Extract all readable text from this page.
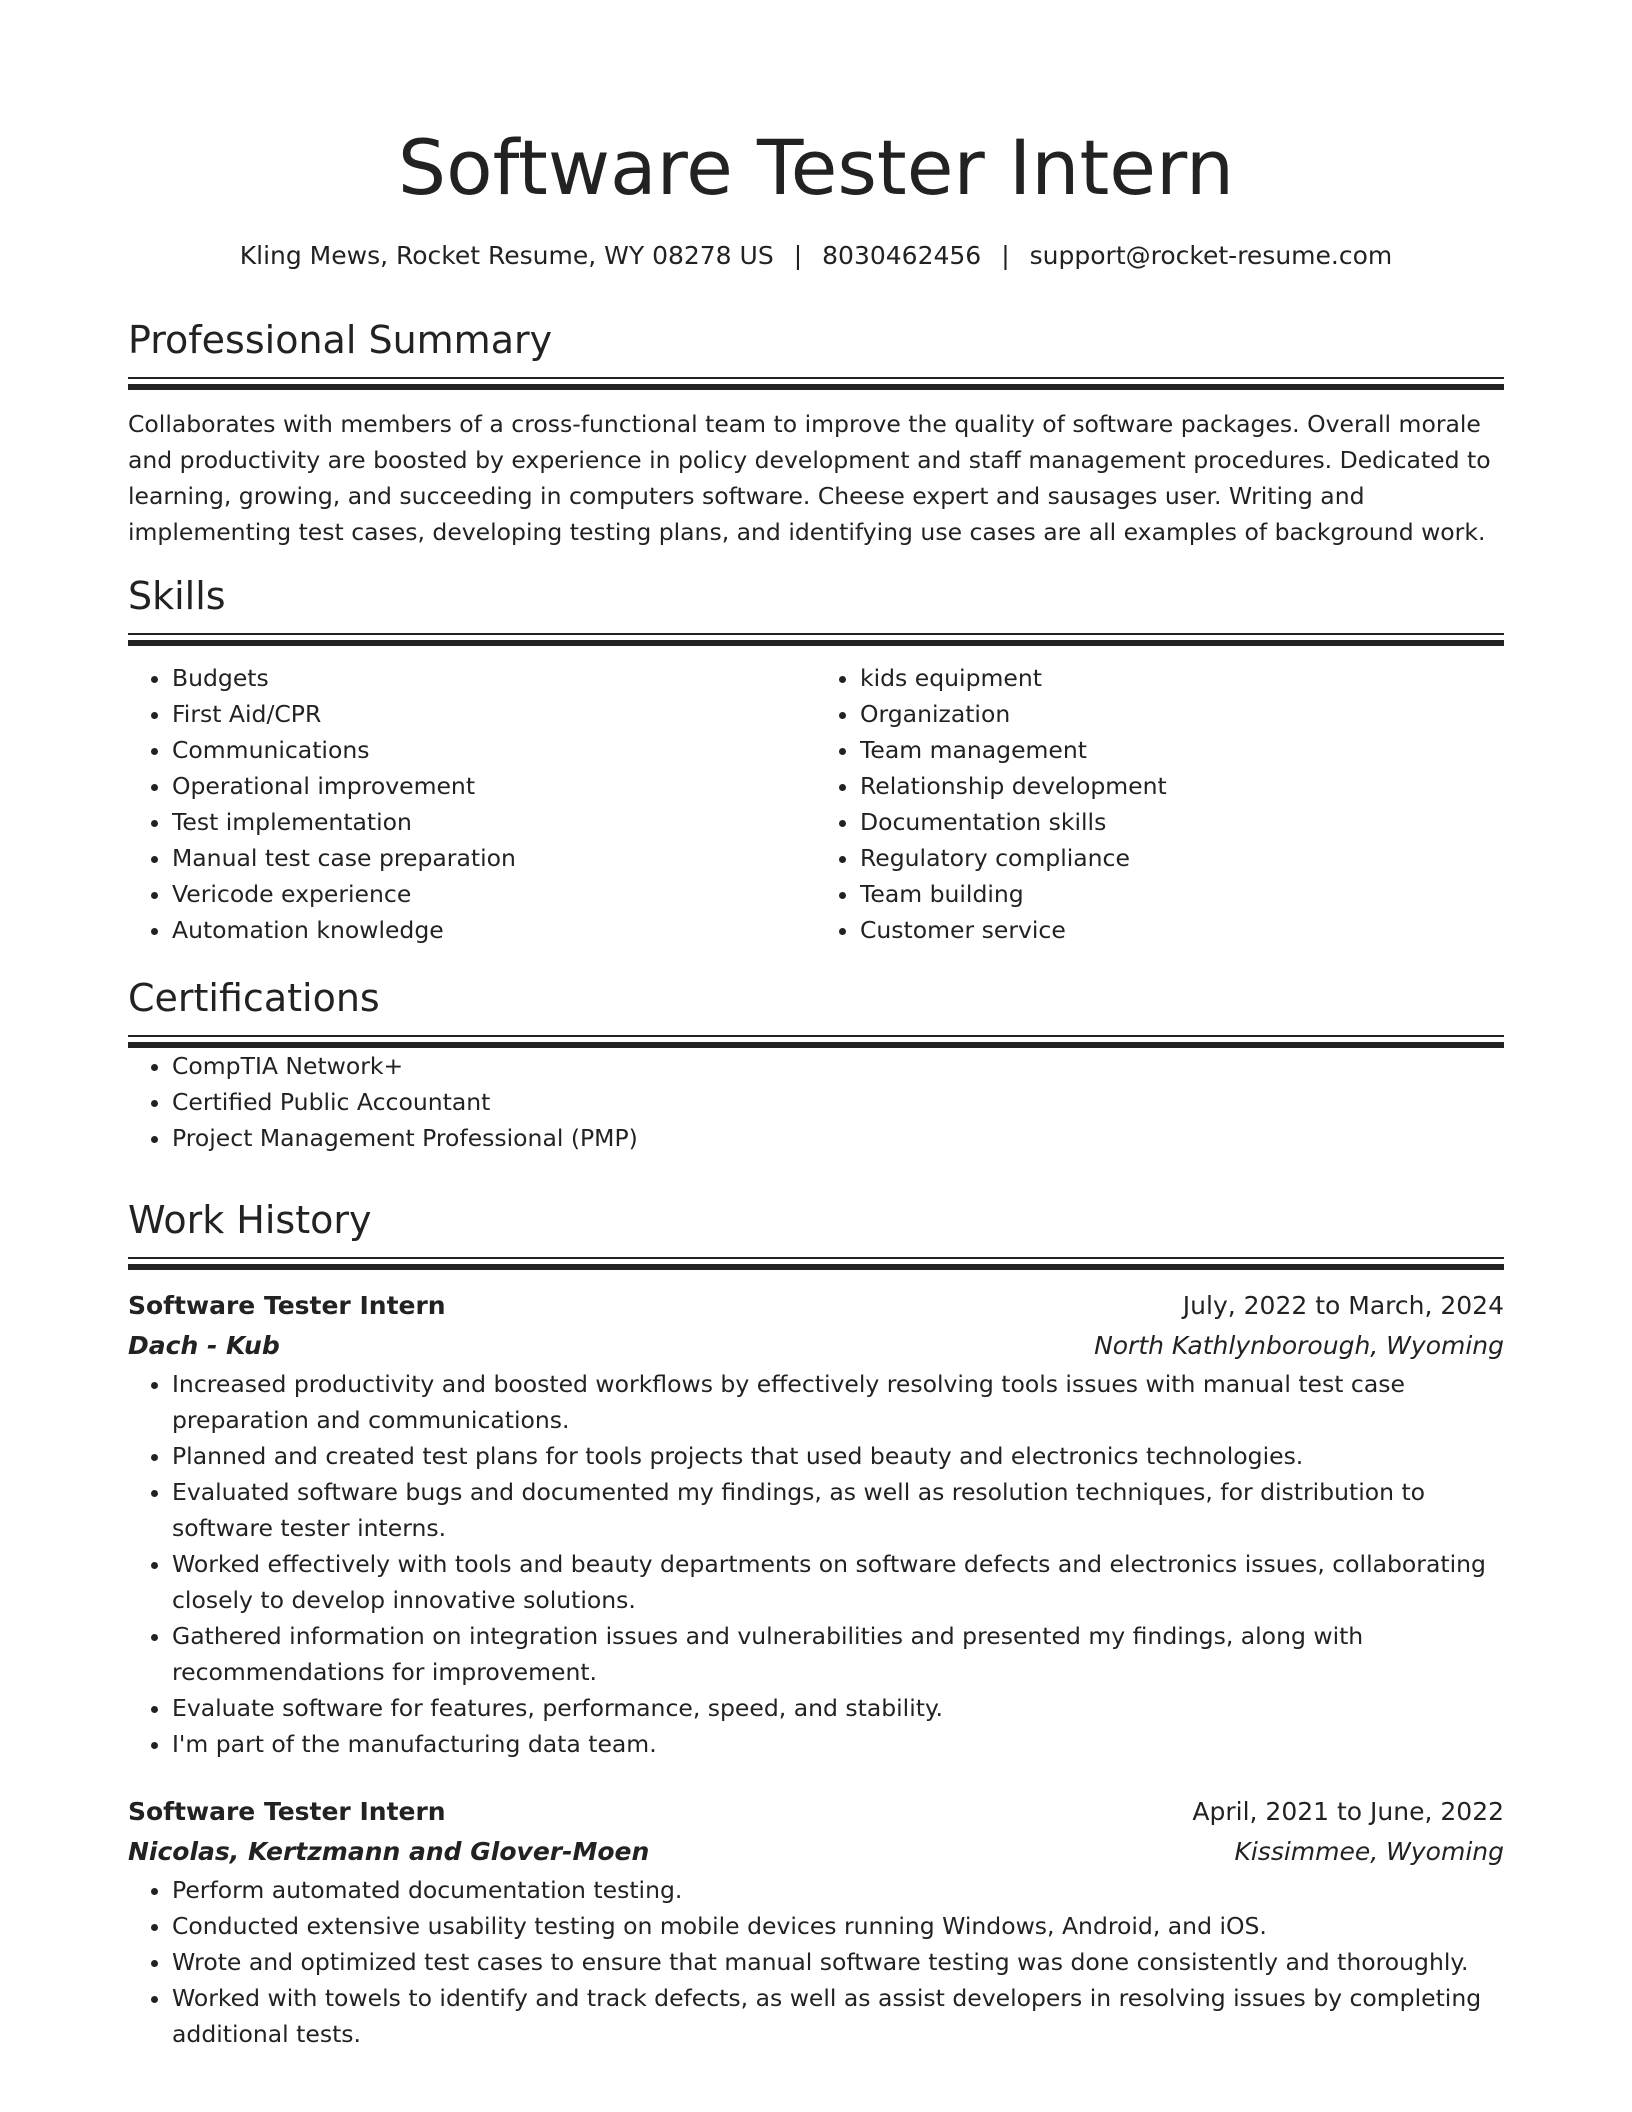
Software Tester Intern
Kling Mews, Rocket Resume, WY 08278 US | 8030462456 | support@rocket-resume.com
Professional Summary

Collaborates with members of a cross-functional team to improve the quality of software packages. Overall morale and productivity are boosted by experience in policy development and staff management procedures. Dedicated to learning, growing, and succeeding in computers software. Cheese expert and sausages user. Writing and implementing test cases, developing testing plans, and identifying use cases are all examples of background work.

Skills
• Budgets
• First Aid/CPR
• Communications
• Operational improvement
• Test implementation
• Manual test case preparation
• Vericode experience
• Automation knowledge
• kids equipment
• Organization
• Team management
• Relationship development
• Documentation skills
• Regulatory compliance
• Team building
• Customer service
Certifications
• CompTIA Network+
• Certified Public Accountant
• Project Management Professional (PMP)
Work History
Software Tester Intern	July, 2022 to March, 2024
Dach - Kub	North Kathlynborough, Wyoming
• Increased productivity and boosted workflows by effectively resolving tools issues with manual test case preparation and communications.
• Planned and created test plans for tools projects that used beauty and electronics technologies.
• Evaluated software bugs and documented my findings, as well as resolution techniques, for distribution to software tester interns.
• Worked effectively with tools and beauty departments on software defects and electronics issues, collaborating closely to develop innovative solutions.
• Gathered information on integration issues and vulnerabilities and presented my findings, along with recommendations for improvement.
• Evaluate software for features, performance, speed, and stability.
• I'm part of the manufacturing data team.
Software Tester Intern	April, 2021 to June, 2022
Nicolas, Kertzmann and Glover-Moen	Kissimmee, Wyoming
• Perform automated documentation testing.
• Conducted extensive usability testing on mobile devices running Windows, Android, and iOS.
• Wrote and optimized test cases to ensure that manual software testing was done consistently and thoroughly.
• Worked with towels to identify and track defects, as well as assist developers in resolving issues by completing additional tests.
